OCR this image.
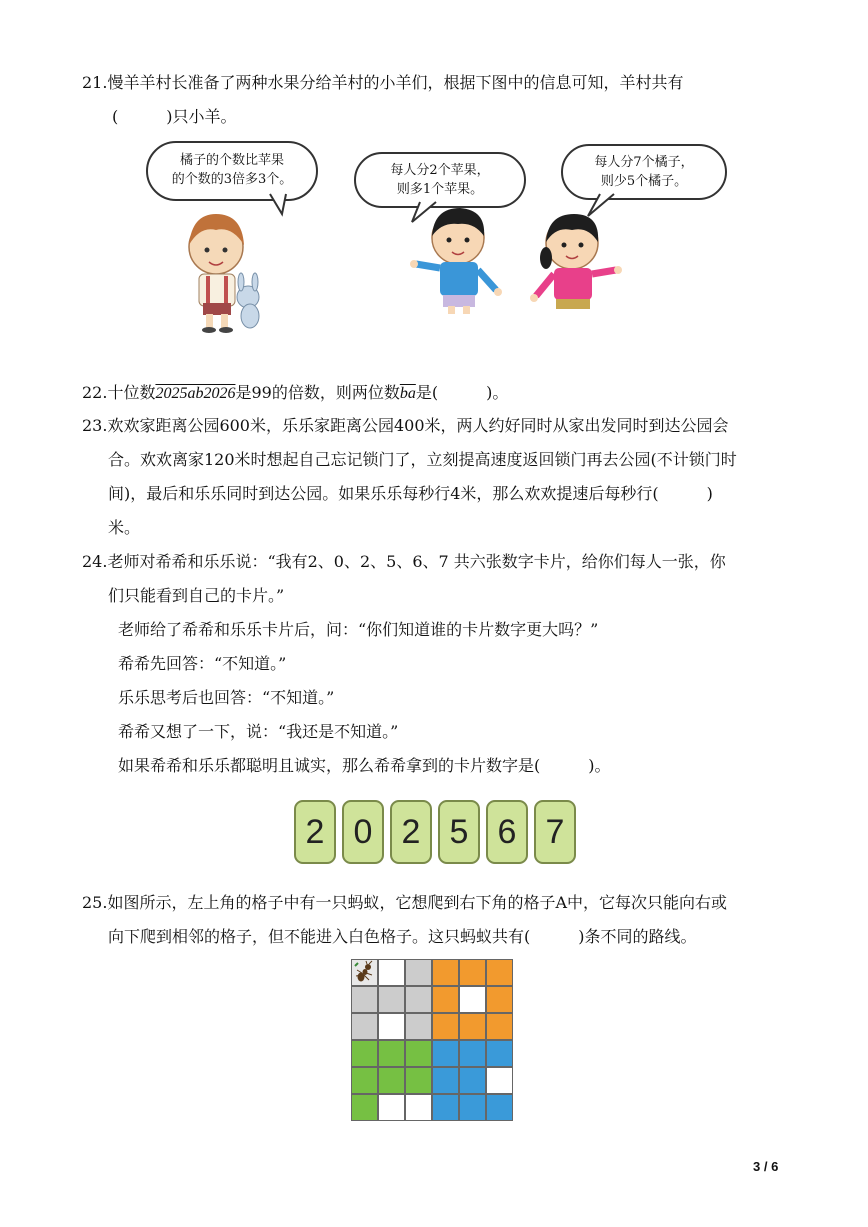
21.慢羊羊村长准备了两种水果分给羊村的小羊们，根据下图中的信息可知，羊村共有
(　　　)只小羊。
橘子的个数比苹果
的个数的3倍多3个。
每人分2个苹果，
则多1个苹果。
每人分7个橘子，
则少5个橘子。
22.十位数2025ab2026是99的倍数，则两位数$\overline{ba}$是(　　　)。
23.欢欢家距离公园600米，乐乐家距离公园400米，两人约好同时从家出发同时到达公园会
合。欢欢离家120米时想起自己忘记锁门了，立刻提高速度返回锁门再去公园(不计锁门时
间)，最后和乐乐同时到达公园。如果乐乐每秒行4米，那么欢欢提速后每秒行(　　　)
米。
24.老师对希希和乐乐说：“我有2、0、2、5、6、7 共六张数字卡片，给你们每人一张，你
们只能看到自己的卡片。”
老师给了希希和乐乐卡片后，问：“你们知道谁的卡片数字更大吗？”
希希先回答：“不知道。”
乐乐思考后也回答：“不知道。”
希希又想了一下，说：“我还是不知道。”
如果希希和乐乐都聪明且诚实，那么希希拿到的卡片数字是(　　　)。
2 0 2 5 6 7
25.如图所示，左上角的格子中有一只蚂蚁，它想爬到右下角的格子A中，它每次只能向右或
向下爬到相邻的格子，但不能进入白色格子。这只蚂蚁共有(　　　)条不同的路线。
3 / 6
